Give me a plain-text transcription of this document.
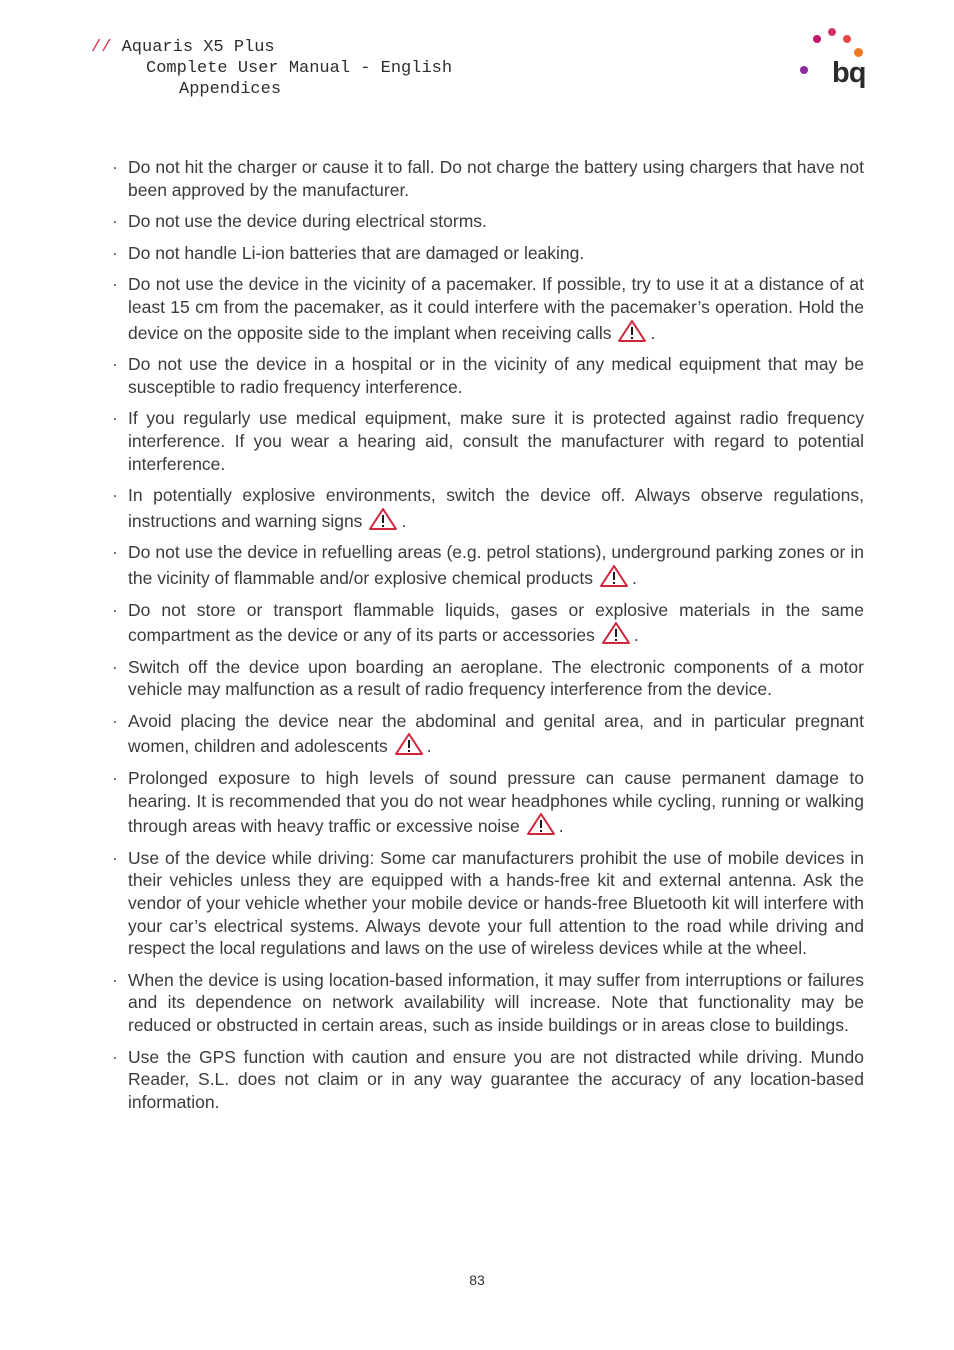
// Aquaris X5 Plus
Complete User Manual - English
Appendices
bq
· Do not hit the charger or cause it to fall. Do not charge the battery using chargers that have not been approved by the manufacturer.
· Do not use the device during electrical storms.
· Do not handle Li-ion batteries that are damaged or leaking.
· Do not use the device in the vicinity of a pacemaker. If possible, try to use it at a distance of at least 15 cm from the pacemaker, as it could interfere with the pacemaker’s operation. Hold the device on the opposite side to the implant when receiving calls .
· Do not use the device in a hospital or in the vicinity of any medical equipment that may be susceptible to radio frequency interference.
· If you regularly use medical equipment, make sure it is protected against radio frequency interference. If you wear a hearing aid, consult the manufacturer with regard to potential interference.
· In potentially explosive environments, switch the device off. Always observe regulations, instructions and warning signs .
· Do not use the device in refuelling areas (e.g. petrol stations), underground parking zones or in the vicinity of flammable and/or explosive chemical products .
· Do not store or transport flammable liquids, gases or explosive materials in the same compartment as the device or any of its parts or accessories .
· Switch off the device upon boarding an aeroplane. The electronic components of a motor vehicle may malfunction as a result of radio frequency interference from the device.
· Avoid placing the device near the abdominal and genital area, and in particular pregnant women, children and adolescents .
· Prolonged exposure to high levels of sound pressure can cause permanent damage to hearing. It is recommended that you do not wear headphones while cycling, running or walking through areas with heavy traffic or excessive noise .
· Use of the device while driving: Some car manufacturers prohibit the use of mobile devices in their vehicles unless they are equipped with a hands-free kit and external antenna. Ask the vendor of your vehicle whether your mobile device or hands-free Bluetooth kit will interfere with your car’s electrical systems. Always devote your full attention to the road while driving and respect the local regulations and laws on the use of wireless devices while at the wheel.
· When the device is using location-based information, it may suffer from interruptions or failures and its dependence on network availability will increase. Note that functionality may be reduced or obstructed in certain areas, such as inside buildings or in areas close to buildings.
· Use the GPS function with caution and ensure you are not distracted while driving. Mundo Reader, S.L. does not claim or in any way guarantee the accuracy of any location-based information.
83
